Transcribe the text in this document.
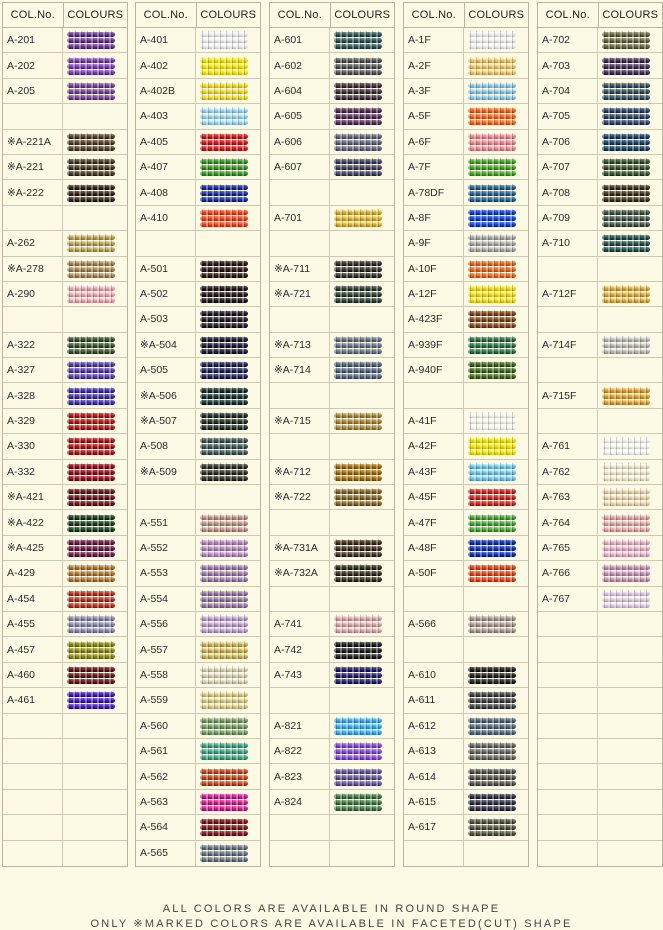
COL.No.	COLOURS
A-201
A-202
A-205
※A-221A
※A-221
※A-222
A-262
※A-278
A-290
A-322
A-327
A-328
A-329
A-330
A-332
※A-421
※A-422
※A-425
A-429
A-454
A-455
A-457
A-460
A-461
COL.No.	COLOURS
A-401
A-402
A-402B
A-403
A-405
A-407
A-408
A-410
A-501
A-502
A-503
※A-504
A-505
※A-506
※A-507
A-508
※A-509
A-551
A-552
A-553
A-554
A-556
A-557
A-558
A-559
A-560
A-561
A-562
A-563
A-564
A-565
COL.No.	COLOURS
A-601
A-602
A-604
A-605
A-606
A-607
A-701
※A-711
※A-721
※A-713
※A-714
※A-715
※A-712
※A-722
※A-731A
※A-732A
A-741
A-742
A-743
A-821
A-822
A-823
A-824
COL.No.	COLOURS
A-1F
A-2F
A-3F
A-5F
A-6F
A-7F
A-78DF
A-8F
A-9F
A-10F
A-12F
A-423F
A-939F
A-940F
A-41F
A-42F
A-43F
A-45F
A-47F
A-48F
A-50F
A-566
A-610
A-611
A-612
A-613
A-614
A-615
A-617
COL.No.	COLOURS
A-702
A-703
A-704
A-705
A-706
A-707
A-708
A-709
A-710
A-712F
A-714F
A-715F
A-761
A-762
A-763
A-764
A-765
A-766
A-767
ALL COLORS ARE AVAILABLE IN ROUND SHAPE
ONLY ※MARKED COLORS ARE AVAILABLE IN FACETED(CUT) SHAPE
